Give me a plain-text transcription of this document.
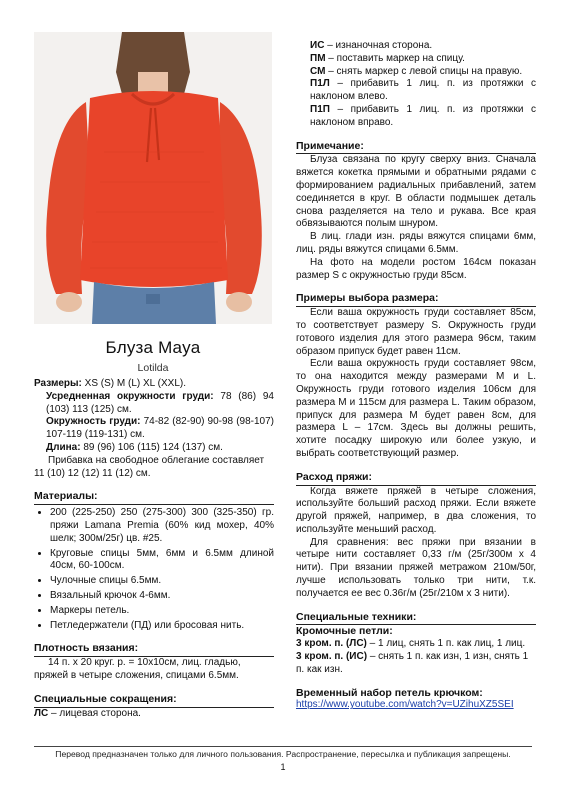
Блуза Maya
Lotilda

Размеры: XS (S) M (L) XL (XXL).

Усредненная окружности груди: 78 (86) 94 (103) 113 (125) см.

Окружность груди: 74-82 (82-90) 90-98 (98-107) 107-119 (119-131) см.

Длина: 89 (96) 106 (115) 124 (137) см.

Прибавка на свободное облегание составляет 11 (10) 12 (12) 11 (12) см.

Материалы:

• 200 (225-250) 250 (275-300) 300 (325-350) гр. пряжи Lamana Premia (60% кид мохер, 40% шелк; 300м/25г) цв. #25.
• Круговые спицы 5мм, 6мм и 6.5мм длиной 40см, 60-100см.
• Чулочные спицы 6.5мм.
• Вязальный крючок 4-6мм.
• Маркеры петель.
• Петледержатели (ПД) или бросовая нить.

Плотность вязания:

14 п. х 20 круг. р. = 10х10см, лиц. гладью, пряжей в четыре сложения, спицами 6.5мм.

Специальные сокращения:

ЛС – лицевая сторона.

ИС – изнаночная сторона.

ПМ – поставить маркер на спицу.

СМ – снять маркер с левой спицы на правую.

П1Л – прибавить 1 лиц. п. из протяжки с наклоном влево.

П1П – прибавить 1 лиц. п. из протяжки с наклоном вправо.

Примечание:

Блуза связана по кругу сверху вниз. Сначала вяжется кокетка прямыми и обратными рядами с формированием радиальных прибавлений, затем соединяется в круг. В области подмышек деталь снова разделяется на тело и рукава. Все края обвязываются полым шнуром.

В лиц. глади изн. ряды вяжутся спицами 6мм, лиц. ряды вяжутся спицами 6.5мм.

На фото на модели ростом 164см показан размер S с окружностью груди 85см.

Примеры выбора размера:

Если ваша окружность груди составляет 85см, то соответствует размеру S. Окружность груди готового изделия для этого размера 96см, таким образом припуск будет равен 11см.

Если ваша окружность груди составляет 98см, то она находится между размерами M и L. Окружность груди готового изделия 106см для размера M и 115см для размера L. Таким образом, припуск для размера M будет равен 8см, для размера L – 17см. Здесь вы должны решить, хотите посадку широкую или более узкую, и выбрать соответствующий размер.

Расход пряжи:

Когда вяжете пряжей в четыре сложения, используйте больший расход пряжи. Если вяжете другой пряжей, например, в два сложения, то используйте меньший расход.

Для сравнения: вес пряжи при вязании в четыре нити составляет 0,33 г/м (25г/300м х 4 нити). При вязании пряжей метражом 210м/50г, лучше использовать только три нити, т.к. получается ее вес 0.36г/м (25г/210м х 3 нити).

Специальные техники:

Кромочные петли:

3 кром. п. (ЛС) – 1 лиц, снять 1 п. как лиц, 1 лиц.

3 кром. п. (ИС) – снять 1 п. как изн, 1 изн, снять 1 п. как изн.

Временный набор петель крючком:

https://www.youtube.com/watch?v=UZihuXZ5SEI

Перевод предназначен только для личного пользования. Распространение, пересылка и публикация запрещены.
1
